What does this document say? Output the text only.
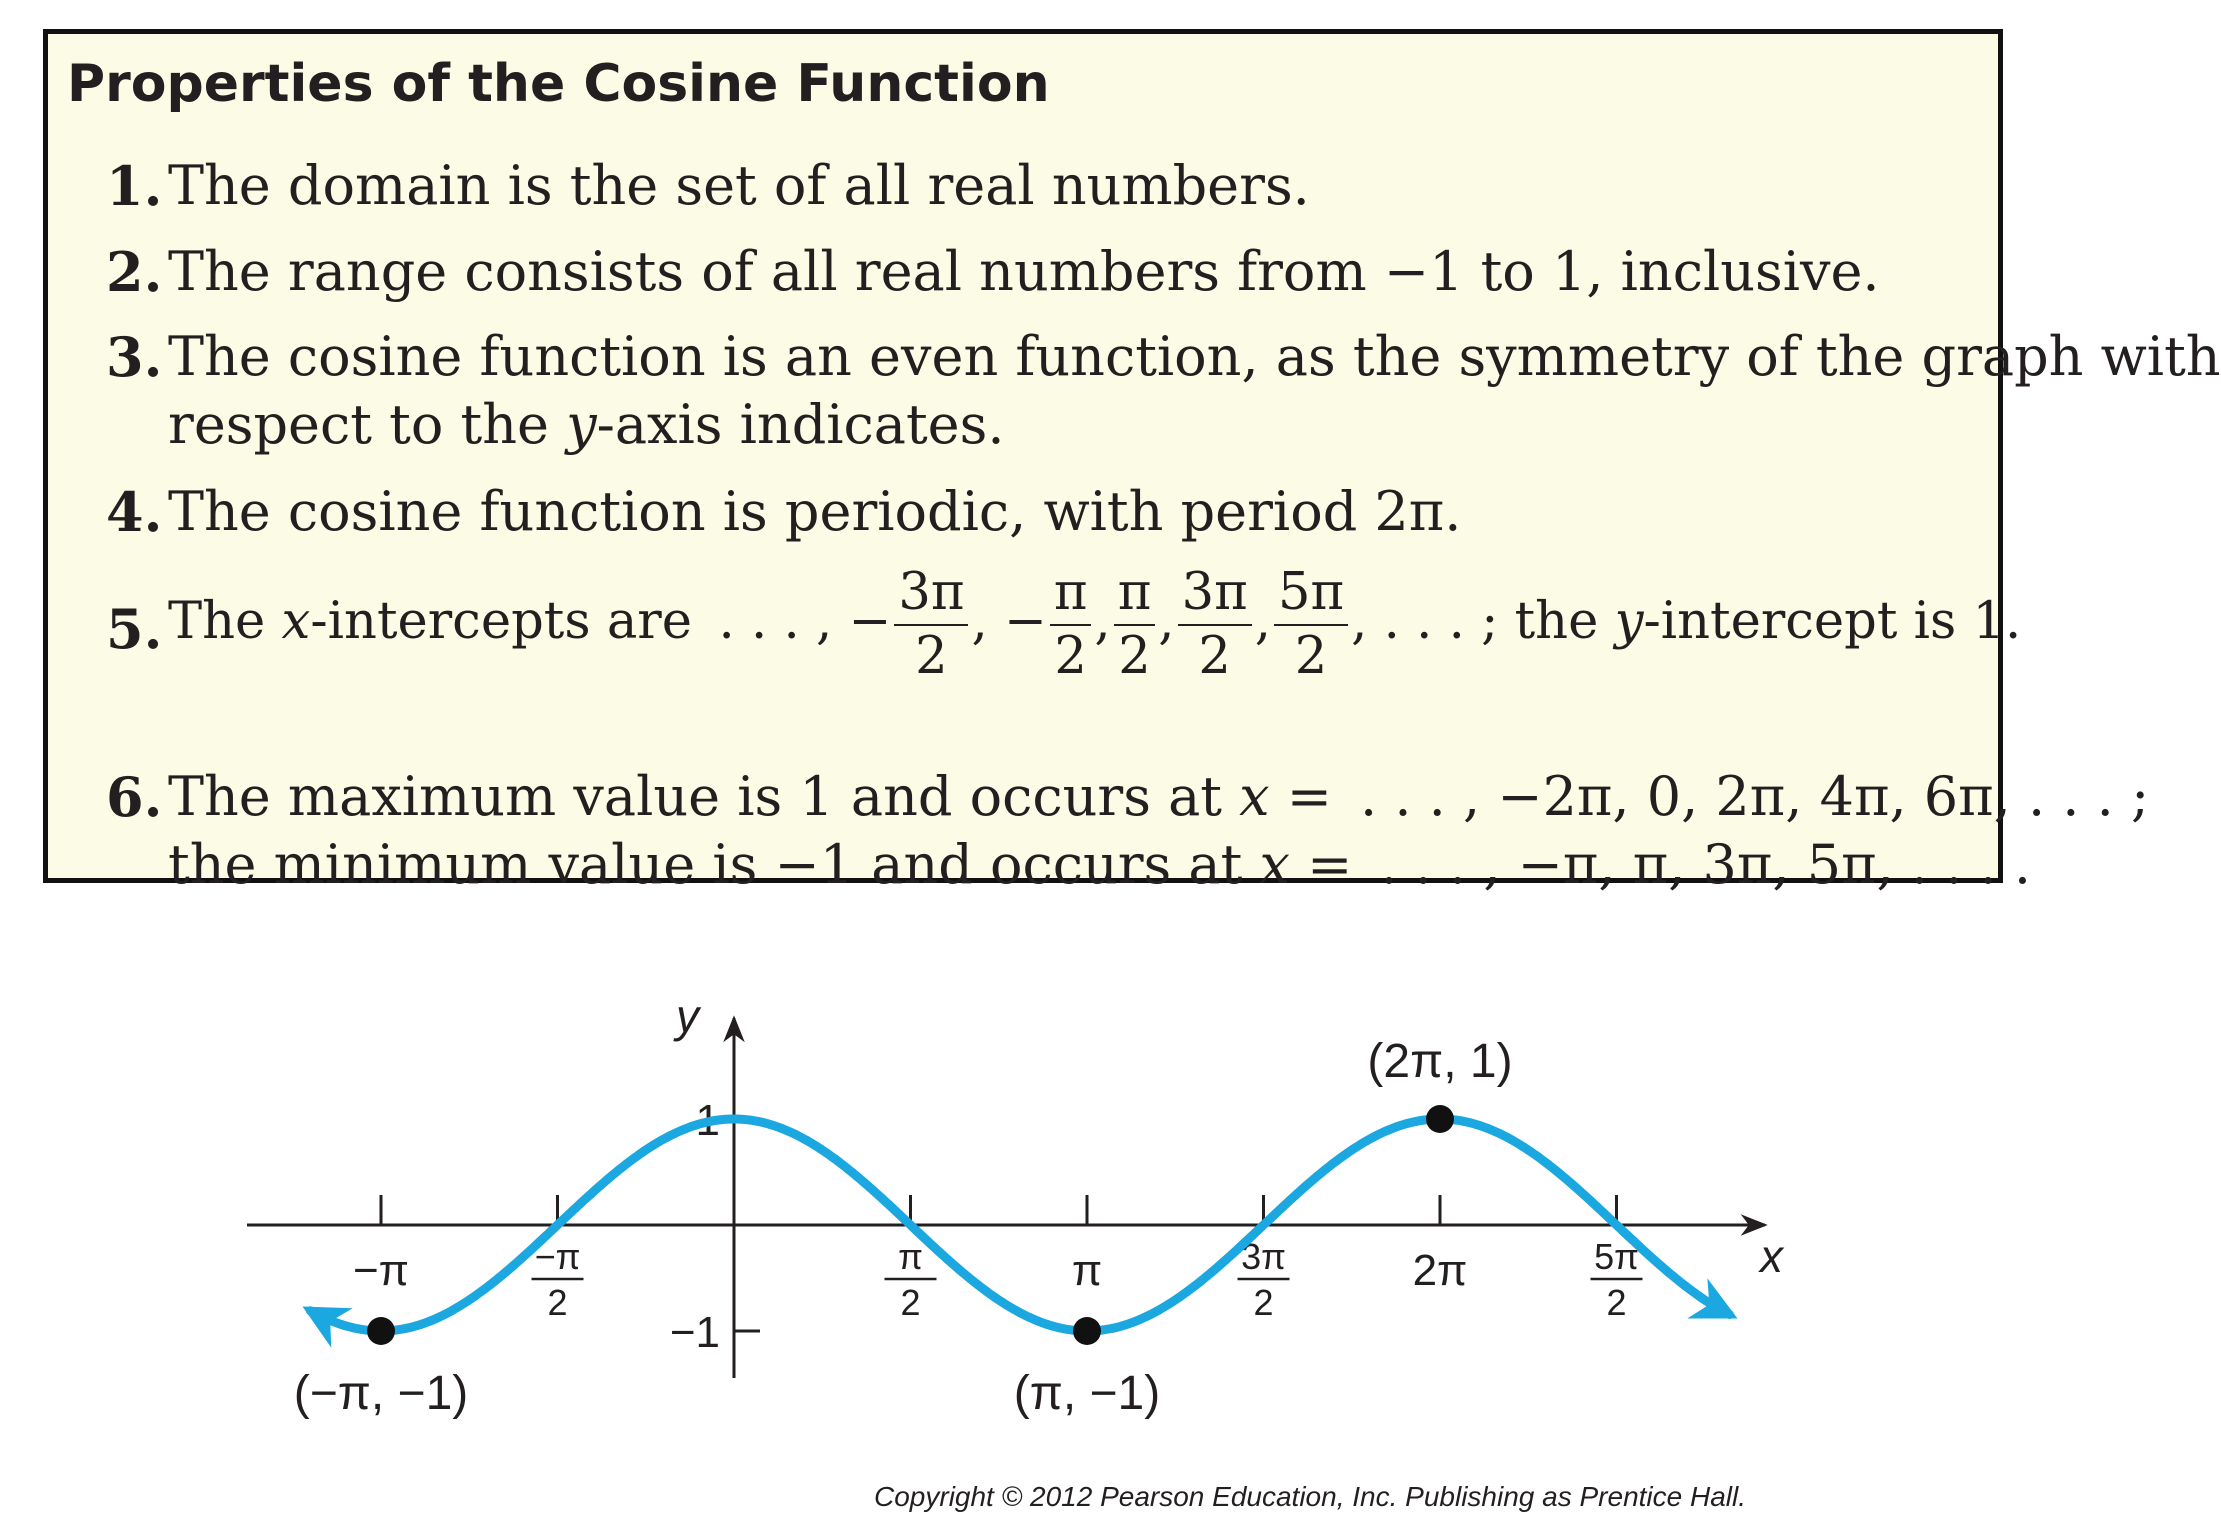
Properties of the Cosine Function
1. The domain is the set of all real numbers.
2. The range consists of all real numbers from −1 to 1, inclusive.
3. The cosine function is an even function, as the symmetry of the graph with
respect to the y-axis indicates.
4. The cosine function is periodic, with period 2π.
5. The x-intercepts are  . . . , − $\frac{3\pi}{2}$ , − $\frac{\pi}{2}$ , $\frac{\pi}{2}$ , $\frac{3\pi}{2}$ , $\frac{5\pi}{2}$ , . . . ; the y-intercept is 1.
6. The maximum value is 1 and occurs at x =  . . . , −2π, 0, 2π, 4π, 6π, . . . ;
the minimum value is −1 and occurs at x =  . . . , −π, π, 3π, 5π, . . . .
x
y
−π	−π
2
π
2
π	3π
2
2π	5π
2
1
−1
(−π, −1)	(π, −1)
(2π, 1)

Copyright © 2012 Pearson Education, Inc. Publishing as Prentice Hall.
